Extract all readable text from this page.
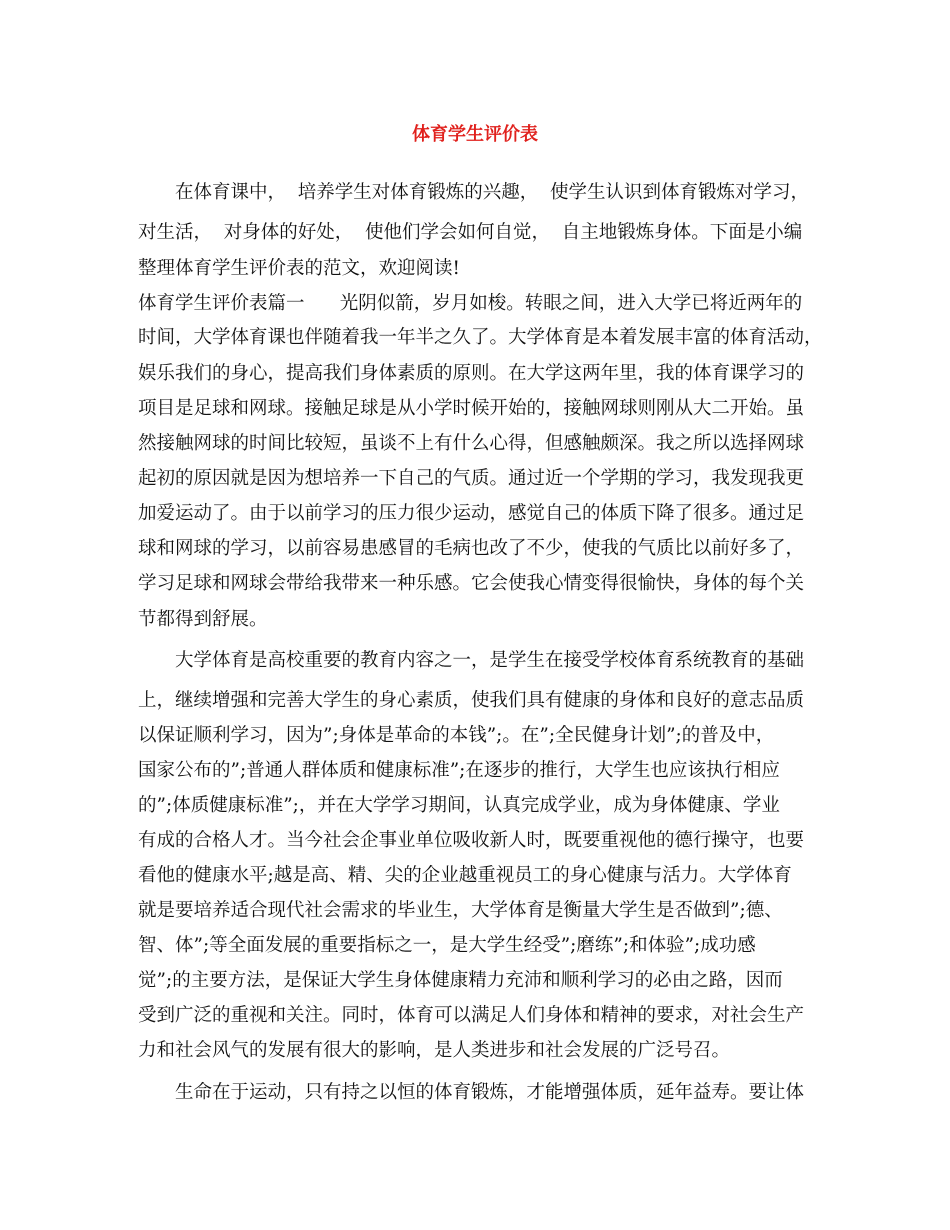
体育学生评价表
在体育课中，  培养学生对体育锻炼的兴趣，  使学生认识到体育锻炼对学习，
对生活，  对身体的好处，  使他们学会如何自觉，  自主地锻炼身体。下面是小编
整理体育学生评价表的范文，欢迎阅读!
体育学生评价表篇一      光阴似箭，岁月如梭。转眼之间，进入大学已将近两年的
时间，大学体育课也伴随着我一年半之久了。大学体育是本着发展丰富的体育活动，
娱乐我们的身心，提高我们身体素质的原则。在大学这两年里，我的体育课学习的
项目是足球和网球。接触足球是从小学时候开始的，接触网球则刚从大二开始。虽
然接触网球的时间比较短，虽谈不上有什么心得，但感触颇深。我之所以选择网球
起初的原因就是因为想培养一下自己的气质。通过近一个学期的学习，我发现我更
加爱运动了。由于以前学习的压力很少运动，感觉自己的体质下降了很多。通过足
球和网球的学习，以前容易患感冒的毛病也改了不少，使我的气质比以前好多了，
学习足球和网球会带给我带来一种乐感。它会使我心情变得很愉快，身体的每个关
节都得到舒展。
大学体育是高校重要的教育内容之一，是学生在接受学校体育系统教育的基础
上，继续增强和完善大学生的身心素质，使我们具有健康的身体和良好的意志品质
以保证顺利学习，因为”;身体是革命的本钱”;。在”;全民健身计划”;的普及中，
国家公布的”;普通人群体质和健康标准”;在逐步的推行，大学生也应该执行相应
的”;体质健康标准”;，并在大学学习期间，认真完成学业，成为身体健康、学业
有成的合格人才。当今社会企事业单位吸收新人时，既要重视他的德行操守，也要
看他的健康水平;越是高、精、尖的企业越重视员工的身心健康与活力。大学体育
就是要培养适合现代社会需求的毕业生，大学体育是衡量大学生是否做到”;德、
智、体”;等全面发展的重要指标之一，是大学生经受”;磨练”;和体验”;成功感
觉”;的主要方法，是保证大学生身体健康精力充沛和顺利学习的必由之路，因而
受到广泛的重视和关注。同时，体育可以满足人们身体和精神的要求，对社会生产
力和社会风气的发展有很大的影响，是人类进步和社会发展的广泛号召。
生命在于运动，只有持之以恒的体育锻炼，才能增强体质，延年益寿。要让体
